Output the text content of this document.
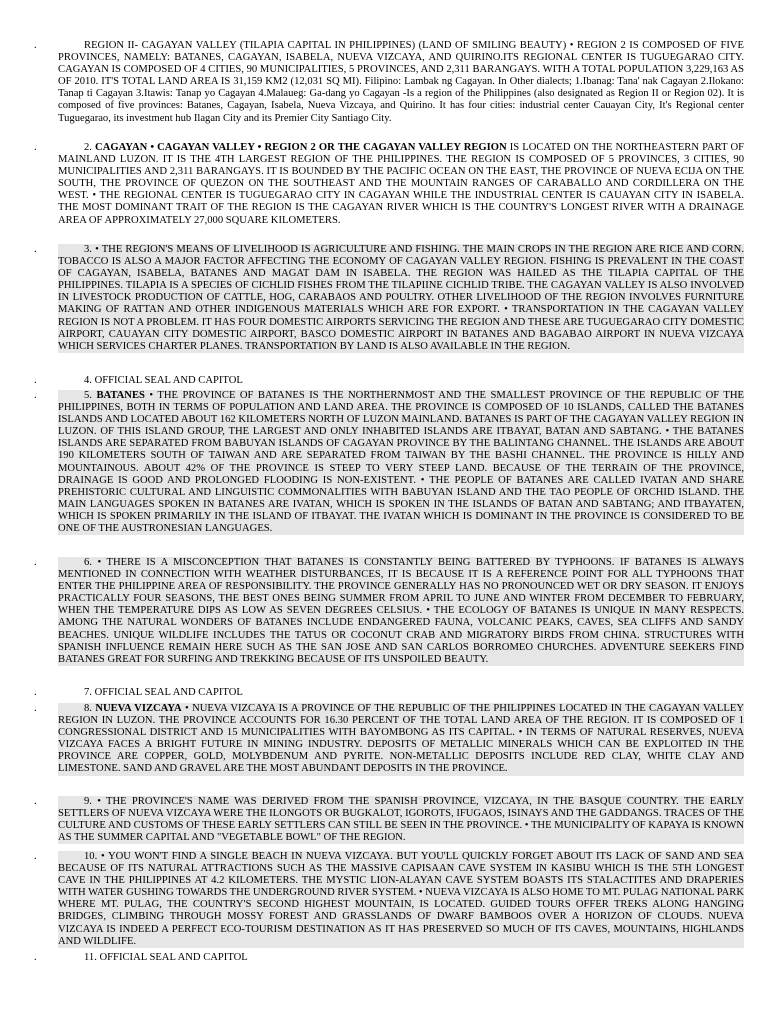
.	REGION II- CAGAYAN VALLEY (TILAPIA CAPITAL IN PHILIPPINES) (LAND OF SMILING BEAUTY) • REGION 2 IS COMPOSED OF FIVE PROVINCES, NAMELY: BATANES, CAGAYAN, ISABELA, NUEVA VIZCAYA, AND QUIRINO.ITS REGIONAL CENTER IS TUGUEGARAO CITY. CAGAYAN IS COMPOSED OF 4 CITIES, 90 MUNICIPALITIES, 5 PROVINCES, AND 2,311 BARANGAYS. WITH A TOTAL POPULATION 3,229,163 AS OF 2010. IT'S TOTAL LAND AREA IS 31,159 KM2 (12,031 SQ MI). Filipino: Lambak ng Cagayan. In Other dialects; 1.Ibanag: Tana' nak Cagayan 2.Ilokano: Tanap ti Cagayan 3.Itawis: Tanap yo Cagayan 4.Malaueg: Ga-dang yo Cagayan -Is a region of the Philippines (also designated as Region II or Region 02). It is composed of five provinces: Batanes, Cagayan, Isabela, Nueva Vizcaya, and Quirino. It has four cities: industrial center Cauayan City, It's Regional center Tuguegarao, its investment hub Ilagan City and its Premier City Santiago City.
.	2. CAGAYAN • CAGAYAN VALLEY • REGION 2 OR THE CAGAYAN VALLEY REGION IS LOCATED ON THE NORTHEASTERN PART OF MAINLAND LUZON. IT IS THE 4TH LARGEST REGION OF THE PHILIPPINES. THE REGION IS COMPOSED OF 5 PROVINCES, 3 CITIES, 90 MUNICIPALITIES AND 2,311 BARANGAYS. IT IS BOUNDED BY THE PACIFIC OCEAN ON THE EAST, THE PROVINCE OF NUEVA ECIJA ON THE SOUTH, THE PROVINCE OF QUEZON ON THE SOUTHEAST AND THE MOUNTAIN RANGES OF CARABALLO AND CORDILLERA ON THE WEST. • THE REGIONAL CENTER IS TUGUEGARAO CITY IN CAGAYAN WHILE THE INDUSTRIAL CENTER IS CAUAYAN CITY IN ISABELA. THE MOST DOMINANT TRAIT OF THE REGION IS THE CAGAYAN RIVER WHICH IS THE COUNTRY'S LONGEST RIVER WITH A DRAINAGE AREA OF APPROXIMATELY 27,000 SQUARE KILOMETERS.
.	3. • THE REGION'S MEANS OF LIVELIHOOD IS AGRICULTURE AND FISHING. THE MAIN CROPS IN THE REGION ARE RICE AND CORN. TOBACCO IS ALSO A MAJOR FACTOR AFFECTING THE ECONOMY OF CAGAYAN VALLEY REGION. FISHING IS PREVALENT IN THE COAST OF CAGAYAN, ISABELA, BATANES AND MAGAT DAM IN ISABELA. THE REGION WAS HAILED AS THE TILAPIA CAPITAL OF THE PHILIPPINES. TILAPIA IS A SPECIES OF CICHLID FISHES FROM THE TILAPIINE CICHLID TRIBE. THE CAGAYAN VALLEY IS ALSO INVOLVED IN LIVESTOCK PRODUCTION OF CATTLE, HOG, CARABAOS AND POULTRY. OTHER LIVELIHOOD OF THE REGION INVOLVES FURNITURE MAKING OF RATTAN AND OTHER INDIGENOUS MATERIALS WHICH ARE FOR EXPORT. • TRANSPORTATION IN THE CAGAYAN VALLEY REGION IS NOT A PROBLEM. IT HAS FOUR DOMESTIC AIRPORTS SERVICING THE REGION AND THESE ARE TUGUEGARAO CITY DOMESTIC AIRPORT, CAUAYAN CITY DOMESTIC AIRPORT, BASCO DOMESTIC AIRPORT IN BATANES AND BAGABAO AIRPORT IN NUEVA VIZCAYA WHICH SERVICES CHARTER PLANES. TRANSPORTATION BY LAND IS ALSO AVAILABLE IN THE REGION.
.	4. OFFICIAL SEAL AND CAPITOL
.	5. BATANES • THE PROVINCE OF BATANES IS THE NORTHERNMOST AND THE SMALLEST PROVINCE OF THE REPUBLIC OF THE PHILIPPINES, BOTH IN TERMS OF POPULATION AND LAND AREA. THE PROVINCE IS COMPOSED OF 10 ISLANDS, CALLED THE BATANES ISLANDS AND LOCATED ABOUT 162 KILOMETERS NORTH OF LUZON MAINLAND. BATANES IS PART OF THE CAGAYAN VALLEY REGION IN LUZON. OF THIS ISLAND GROUP, THE LARGEST AND ONLY INHABITED ISLANDS ARE ITBAYAT, BATAN AND SABTANG. • THE BATANES ISLANDS ARE SEPARATED FROM BABUYAN ISLANDS OF CAGAYAN PROVINCE BY THE BALINTANG CHANNEL. THE ISLANDS ARE ABOUT 190 KILOMETERS SOUTH OF TAIWAN AND ARE SEPARATED FROM TAIWAN BY THE BASHI CHANNEL. THE PROVINCE IS HILLY AND MOUNTAINOUS. ABOUT 42% OF THE PROVINCE IS STEEP TO VERY STEEP LAND. BECAUSE OF THE TERRAIN OF THE PROVINCE, DRAINAGE IS GOOD AND PROLONGED FLOODING IS NON-EXISTENT. • THE PEOPLE OF BATANES ARE CALLED IVATAN AND SHARE PREHISTORIC CULTURAL AND LINGUISTIC COMMONALITIES WITH BABUYAN ISLAND AND THE TAO PEOPLE OF ORCHID ISLAND. THE MAIN LANGUAGES SPOKEN IN BATANES ARE IVATAN, WHICH IS SPOKEN IN THE ISLANDS OF BATAN AND SABTANG; AND ITBAYATEN, WHICH IS SPOKEN PRIMARILY IN THE ISLAND OF ITBAYAT. THE IVATAN WHICH IS DOMINANT IN THE PROVINCE IS CONSIDERED TO BE ONE OF THE AUSTRONESIAN LANGUAGES.
.	6. • THERE IS A MISCONCEPTION THAT BATANES IS CONSTANTLY BEING BATTERED BY TYPHOONS. IF BATANES IS ALWAYS MENTIONED IN CONNECTION WITH WEATHER DISTURBANCES, IT IS BECAUSE IT IS A REFERENCE POINT FOR ALL TYPHOONS THAT ENTER THE PHILIPPINE AREA OF RESPONSIBILITY. THE PROVINCE GENERALLY HAS NO PRONOUNCED WET OR DRY SEASON. IT ENJOYS PRACTICALLY FOUR SEASONS, THE BEST ONES BEING SUMMER FROM APRIL TO JUNE AND WINTER FROM DECEMBER TO FEBRUARY, WHEN THE TEMPERATURE DIPS AS LOW AS SEVEN DEGREES CELSIUS. • THE ECOLOGY OF BATANES IS UNIQUE IN MANY RESPECTS. AMONG THE NATURAL WONDERS OF BATANES INCLUDE ENDANGERED FAUNA, VOLCANIC PEAKS, CAVES, SEA CLIFFS AND SANDY BEACHES. UNIQUE WILDLIFE INCLUDES THE TATUS OR COCONUT CRAB AND MIGRATORY BIRDS FROM CHINA. STRUCTURES WITH SPANISH INFLUENCE REMAIN HERE SUCH AS THE SAN JOSE AND SAN CARLOS BORROMEO CHURCHES. ADVENTURE SEEKERS FIND BATANES GREAT FOR SURFING AND TREKKING BECAUSE OF ITS UNSPOILED BEAUTY.
.	7. OFFICIAL SEAL AND CAPITOL
.	8. NUEVA VIZCAYA • NUEVA VIZCAYA IS A PROVINCE OF THE REPUBLIC OF THE PHILIPPINES LOCATED IN THE CAGAYAN VALLEY REGION IN LUZON. THE PROVINCE ACCOUNTS FOR 16.30 PERCENT OF THE TOTAL LAND AREA OF THE REGION. IT IS COMPOSED OF 1 CONGRESSIONAL DISTRICT AND 15 MUNICIPALITIES WITH BAYOMBONG AS ITS CAPITAL. • IN TERMS OF NATURAL RESERVES, NUEVA VIZCAYA FACES A BRIGHT FUTURE IN MINING INDUSTRY. DEPOSITS OF METALLIC MINERALS WHICH CAN BE EXPLOITED IN THE PROVINCE ARE COPPER, GOLD, MOLYBDENUM AND PYRITE. NON-METALLIC DEPOSITS INCLUDE RED CLAY, WHITE CLAY AND LIMESTONE. SAND AND GRAVEL ARE THE MOST ABUNDANT DEPOSITS IN THE PROVINCE.
.	9. • THE PROVINCE'S NAME WAS DERIVED FROM THE SPANISH PROVINCE, VIZCAYA, IN THE BASQUE COUNTRY. THE EARLY SETTLERS OF NUEVA VIZCAYA WERE THE ILONGOTS OR BUGKALOT, IGOROTS, IFUGAOS, ISINAYS AND THE GADDANGS. TRACES OF THE CULTURE AND CUSTOMS OF THESE EARLY SETTLERS CAN STILL BE SEEN IN THE PROVINCE. • THE MUNICIPALITY OF KAPAYA IS KNOWN AS THE SUMMER CAPITAL AND "VEGETABLE BOWL" OF THE REGION.
.	10. • YOU WON'T FIND A SINGLE BEACH IN NUEVA VIZCAYA. BUT YOU'LL QUICKLY FORGET ABOUT ITS LACK OF SAND AND SEA BECAUSE OF ITS NATURAL ATTRACTIONS SUCH AS THE MASSIVE CAPISAAN CAVE SYSTEM IN KASIBU WHICH IS THE 5TH LONGEST CAVE IN THE PHILIPPINES AT 4.2 KILOMETERS. THE MYSTIC LION-ALAYAN CAVE SYSTEM BOASTS ITS STALACTITES AND DRAPERIES WITH WATER GUSHING TOWARDS THE UNDERGROUND RIVER SYSTEM. • NUEVA VIZCAYA IS ALSO HOME TO MT. PULAG NATIONAL PARK WHERE MT. PULAG, THE COUNTRY'S SECOND HIGHEST MOUNTAIN, IS LOCATED. GUIDED TOURS OFFER TREKS ALONG HANGING BRIDGES, CLIMBING THROUGH MOSSY FOREST AND GRASSLANDS OF DWARF BAMBOOS OVER A HORIZON OF CLOUDS. NUEVA VIZCAYA IS INDEED A PERFECT ECO-TOURISM DESTINATION AS IT HAS PRESERVED SO MUCH OF ITS CAVES, MOUNTAINS, HIGHLANDS AND WILDLIFE.
.	11. OFFICIAL SEAL AND CAPITOL
